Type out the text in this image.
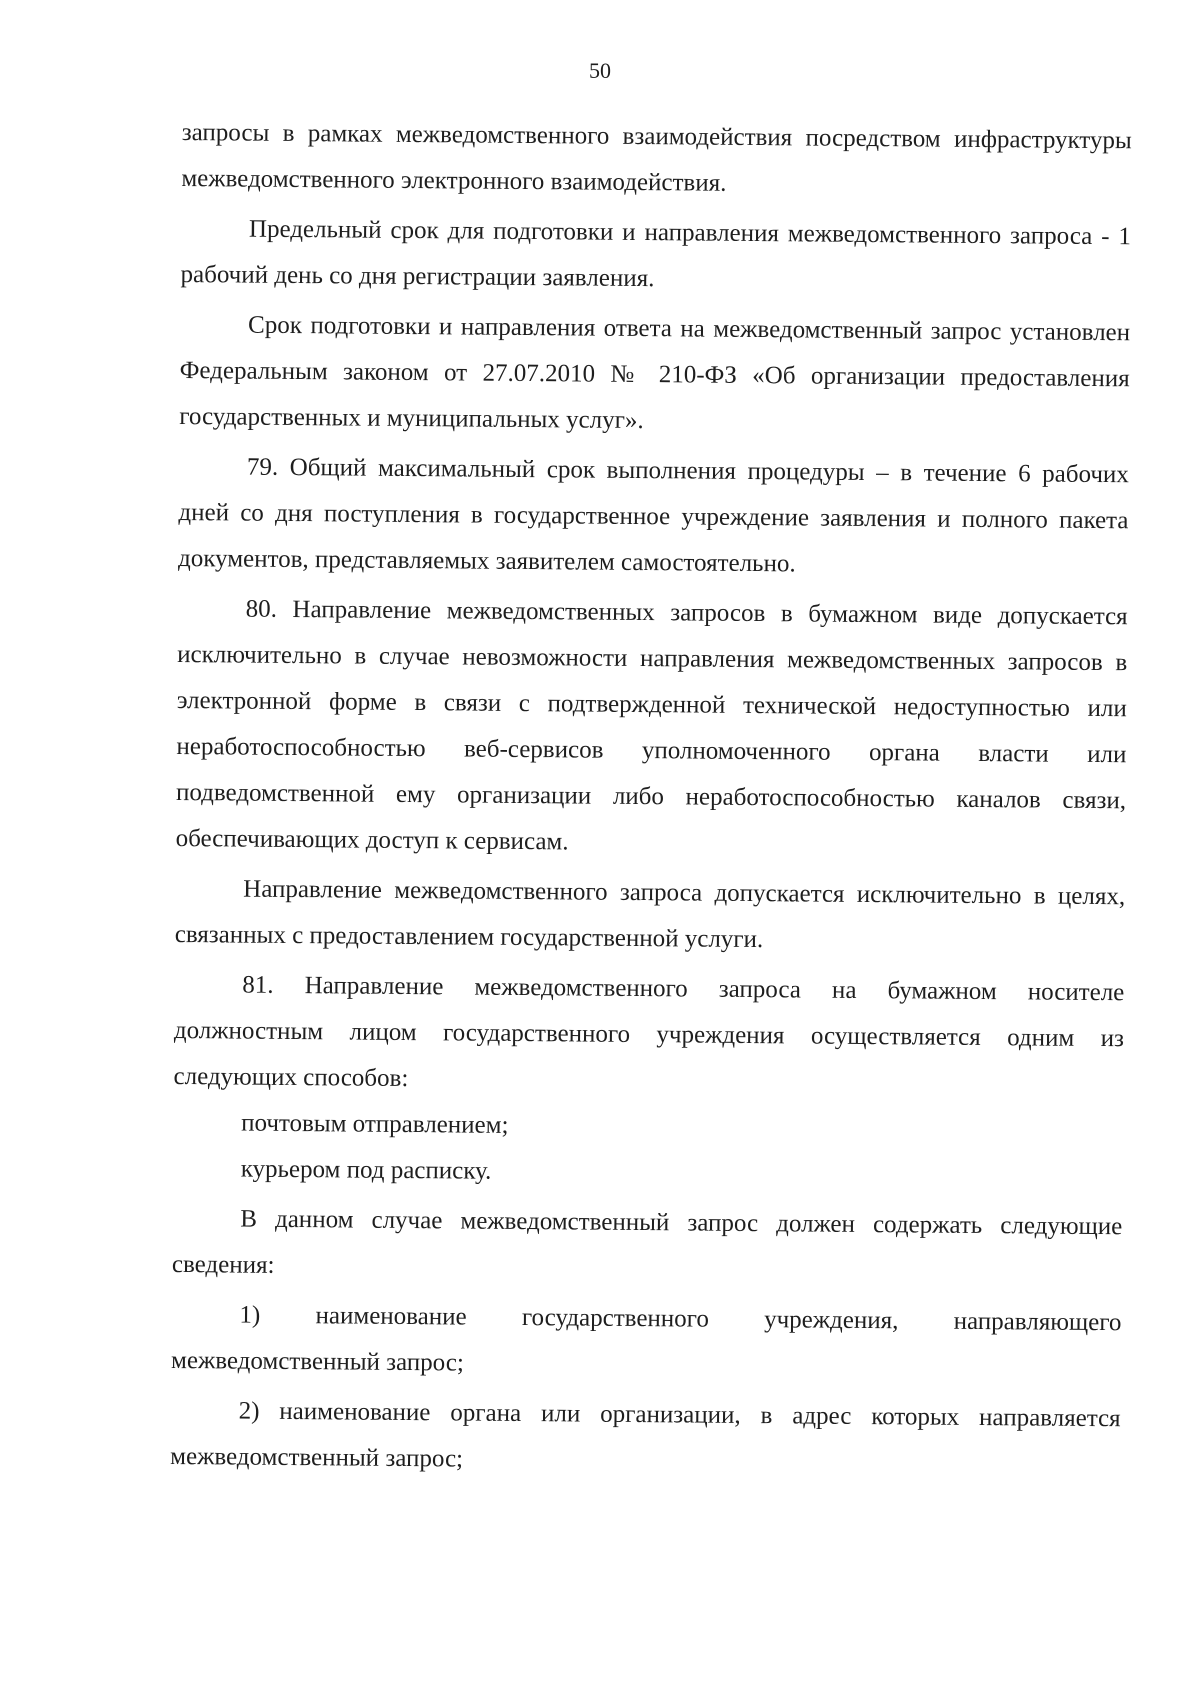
50

запросы в рамках межведомственного взаимодействия посредством инфраструктуры межведомственного электронного взаимодействия.

Предельный срок для подготовки и направления межведомственного запроса - 1 рабочий день со дня регистрации заявления.

Срок подготовки и направления ответа на межведомственный запрос установлен Федеральным законом от 27.07.2010 № 210-ФЗ «Об организации предоставления государственных и муниципальных услуг».

79. Общий максимальный срок выполнения процедуры – в течение 6 рабочих дней со дня поступления в государственное учреждение заявления и полного пакета документов, представляемых заявителем самостоятельно.

80. Направление межведомственных запросов в бумажном виде допускается исключительно в случае невозможности направления межведомственных запросов в электронной форме в связи с подтвержденной технической недоступностью или неработоспособностью веб-сервисов уполномоченного органа власти или подведомственной ему организации либо неработоспособностью каналов связи, обеспечивающих доступ к сервисам.

Направление межведомственного запроса допускается исключительно в целях, связанных с предоставлением государственной услуги.

81. Направление межведомственного запроса на бумажном носителе должностным лицом государственного учреждения осуществляется одним из следующих способов:

почтовым отправлением;

курьером под расписку.

В данном случае межведомственный запрос должен содержать следующие сведения:

1) наименование государственного учреждения, направляющего межведомственный запрос;

2) наименование органа или организации, в адрес которых направляется межведомственный запрос;
